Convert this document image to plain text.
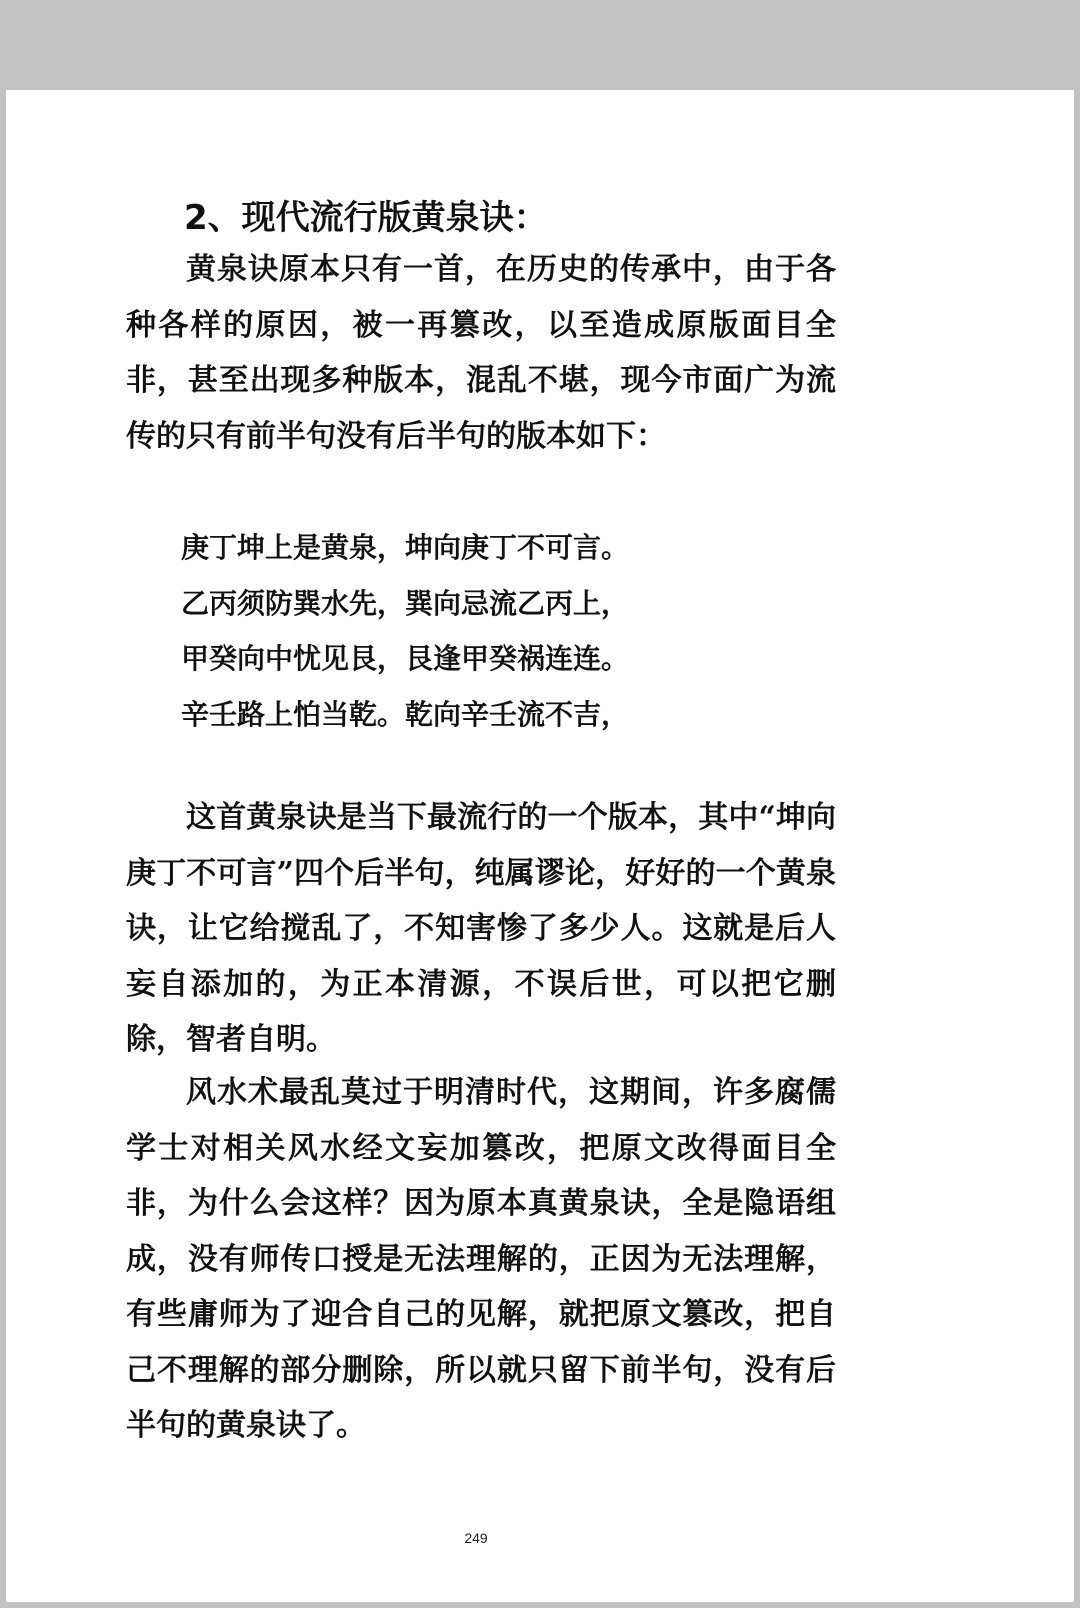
2、现代流行版黄泉诀：

黄泉诀原本只有一首，在历史的传承中，由于各种各样的原因，被一再篡改，以至造成原版面目全非，甚至出现多种版本，混乱不堪，现今市面广为流传的只有前半句没有后半句的版本如下：

庚丁坤上是黄泉，坤向庚丁不可言。
乙丙须防巽水先，巽向忌流乙丙上，
甲癸向中忧见艮，艮逢甲癸祸连连。
辛壬路上怕当乾。乾向辛壬流不吉，

这首黄泉诀是当下最流行的一个版本，其中“坤向庚丁不可言”四个后半句，纯属谬论，好好的一个黄泉诀，让它给搅乱了，不知害惨了多少人。这就是后人妄自添加的，为正本清源，不误后世，可以把它删除，智者自明。

风水术最乱莫过于明清时代，这期间，许多腐儒学士对相关风水经文妄加篡改，把原文改得面目全非，为什么会这样？因为原本真黄泉诀，全是隐语组成，没有师传口授是无法理解的，正因为无法理解，有些庸师为了迎合自己的见解，就把原文篡改，把自己不理解的部分删除，所以就只留下前半句，没有后半句的黄泉诀了。

249
